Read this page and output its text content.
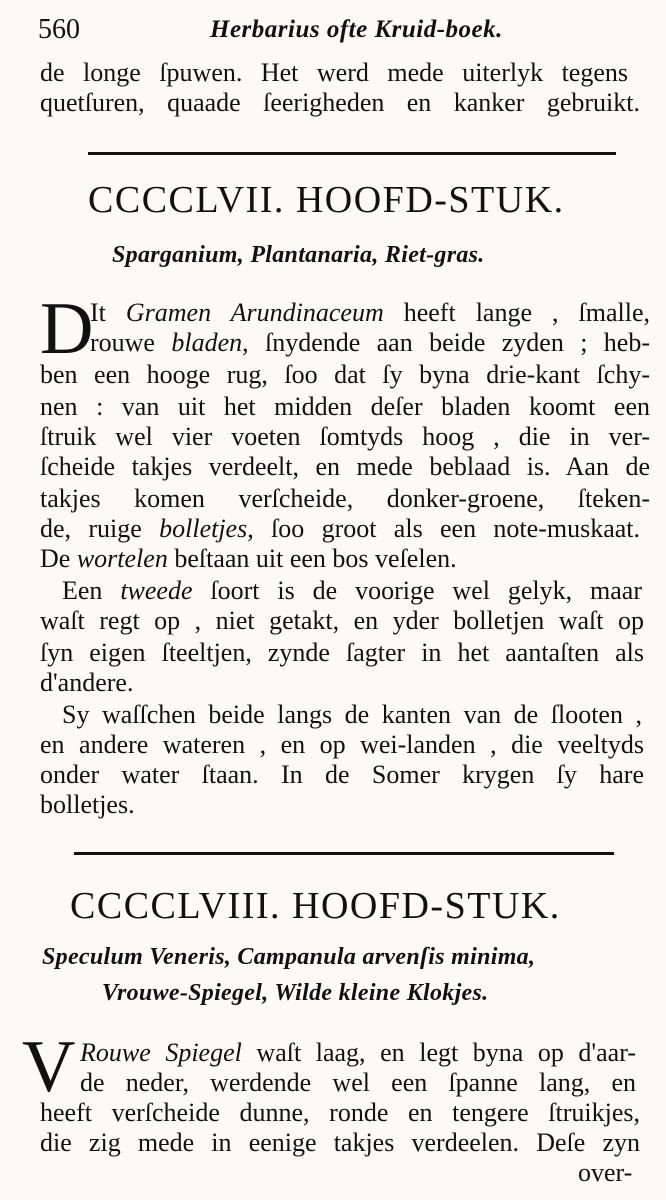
560	Herbarius ofte Kruid-boek.

de longe ſpuwen. Het werd mede uiterlyk tegens

quetſuren, quaade ſeerigheden en kanker gebruikt.

CCCCLVII. HOOFD-STUK.
Sparganium, Plantanaria, Riet-gras.
D

It Gramen Arundinaceum heeft lange , ſmalle,

rouwe bladen, ſnydende aan beide zyden ; heb-

ben een hooge rug, ſoo dat ſy byna drie-kant ſchy-

nen : van uit het midden deſer bladen koomt een

ſtruik wel vier voeten ſomtyds hoog , die in ver-

ſcheide takjes verdeelt, en mede beblaad is. Aan de

takjes komen verſcheide, donker-groene, ſteken-

de, ruige bolletjes, ſoo groot als een note-muskaat.

De wortelen beſtaan uit een bos veſelen.

Een tweede ſoort is de voorige wel gelyk, maar

waſt regt op , niet getakt, en yder bolletjen waſt op

ſyn eigen ſteeltjen, zynde ſagter in het aantaſten als

d'andere.

Sy waſſchen beide langs de kanten van de ſlooten ,

en andere wateren , en op wei-landen , die veeltyds

onder water ſtaan. In de Somer krygen ſy hare

bolletjes.

CCCCLVIII. HOOFD-STUK.
Speculum Veneris, Campanula arvenſis minima,
Vrouwe-Spiegel, Wilde kleine Klokjes.
V Rouwe Spiegel waſt laag, en legt byna op d'aar-

de neder, werdende wel een ſpanne lang, en

heeft verſcheide dunne, ronde en tengere ſtruikjes,

die zig mede in eenige takjes verdeelen. Deſe zyn

over-
